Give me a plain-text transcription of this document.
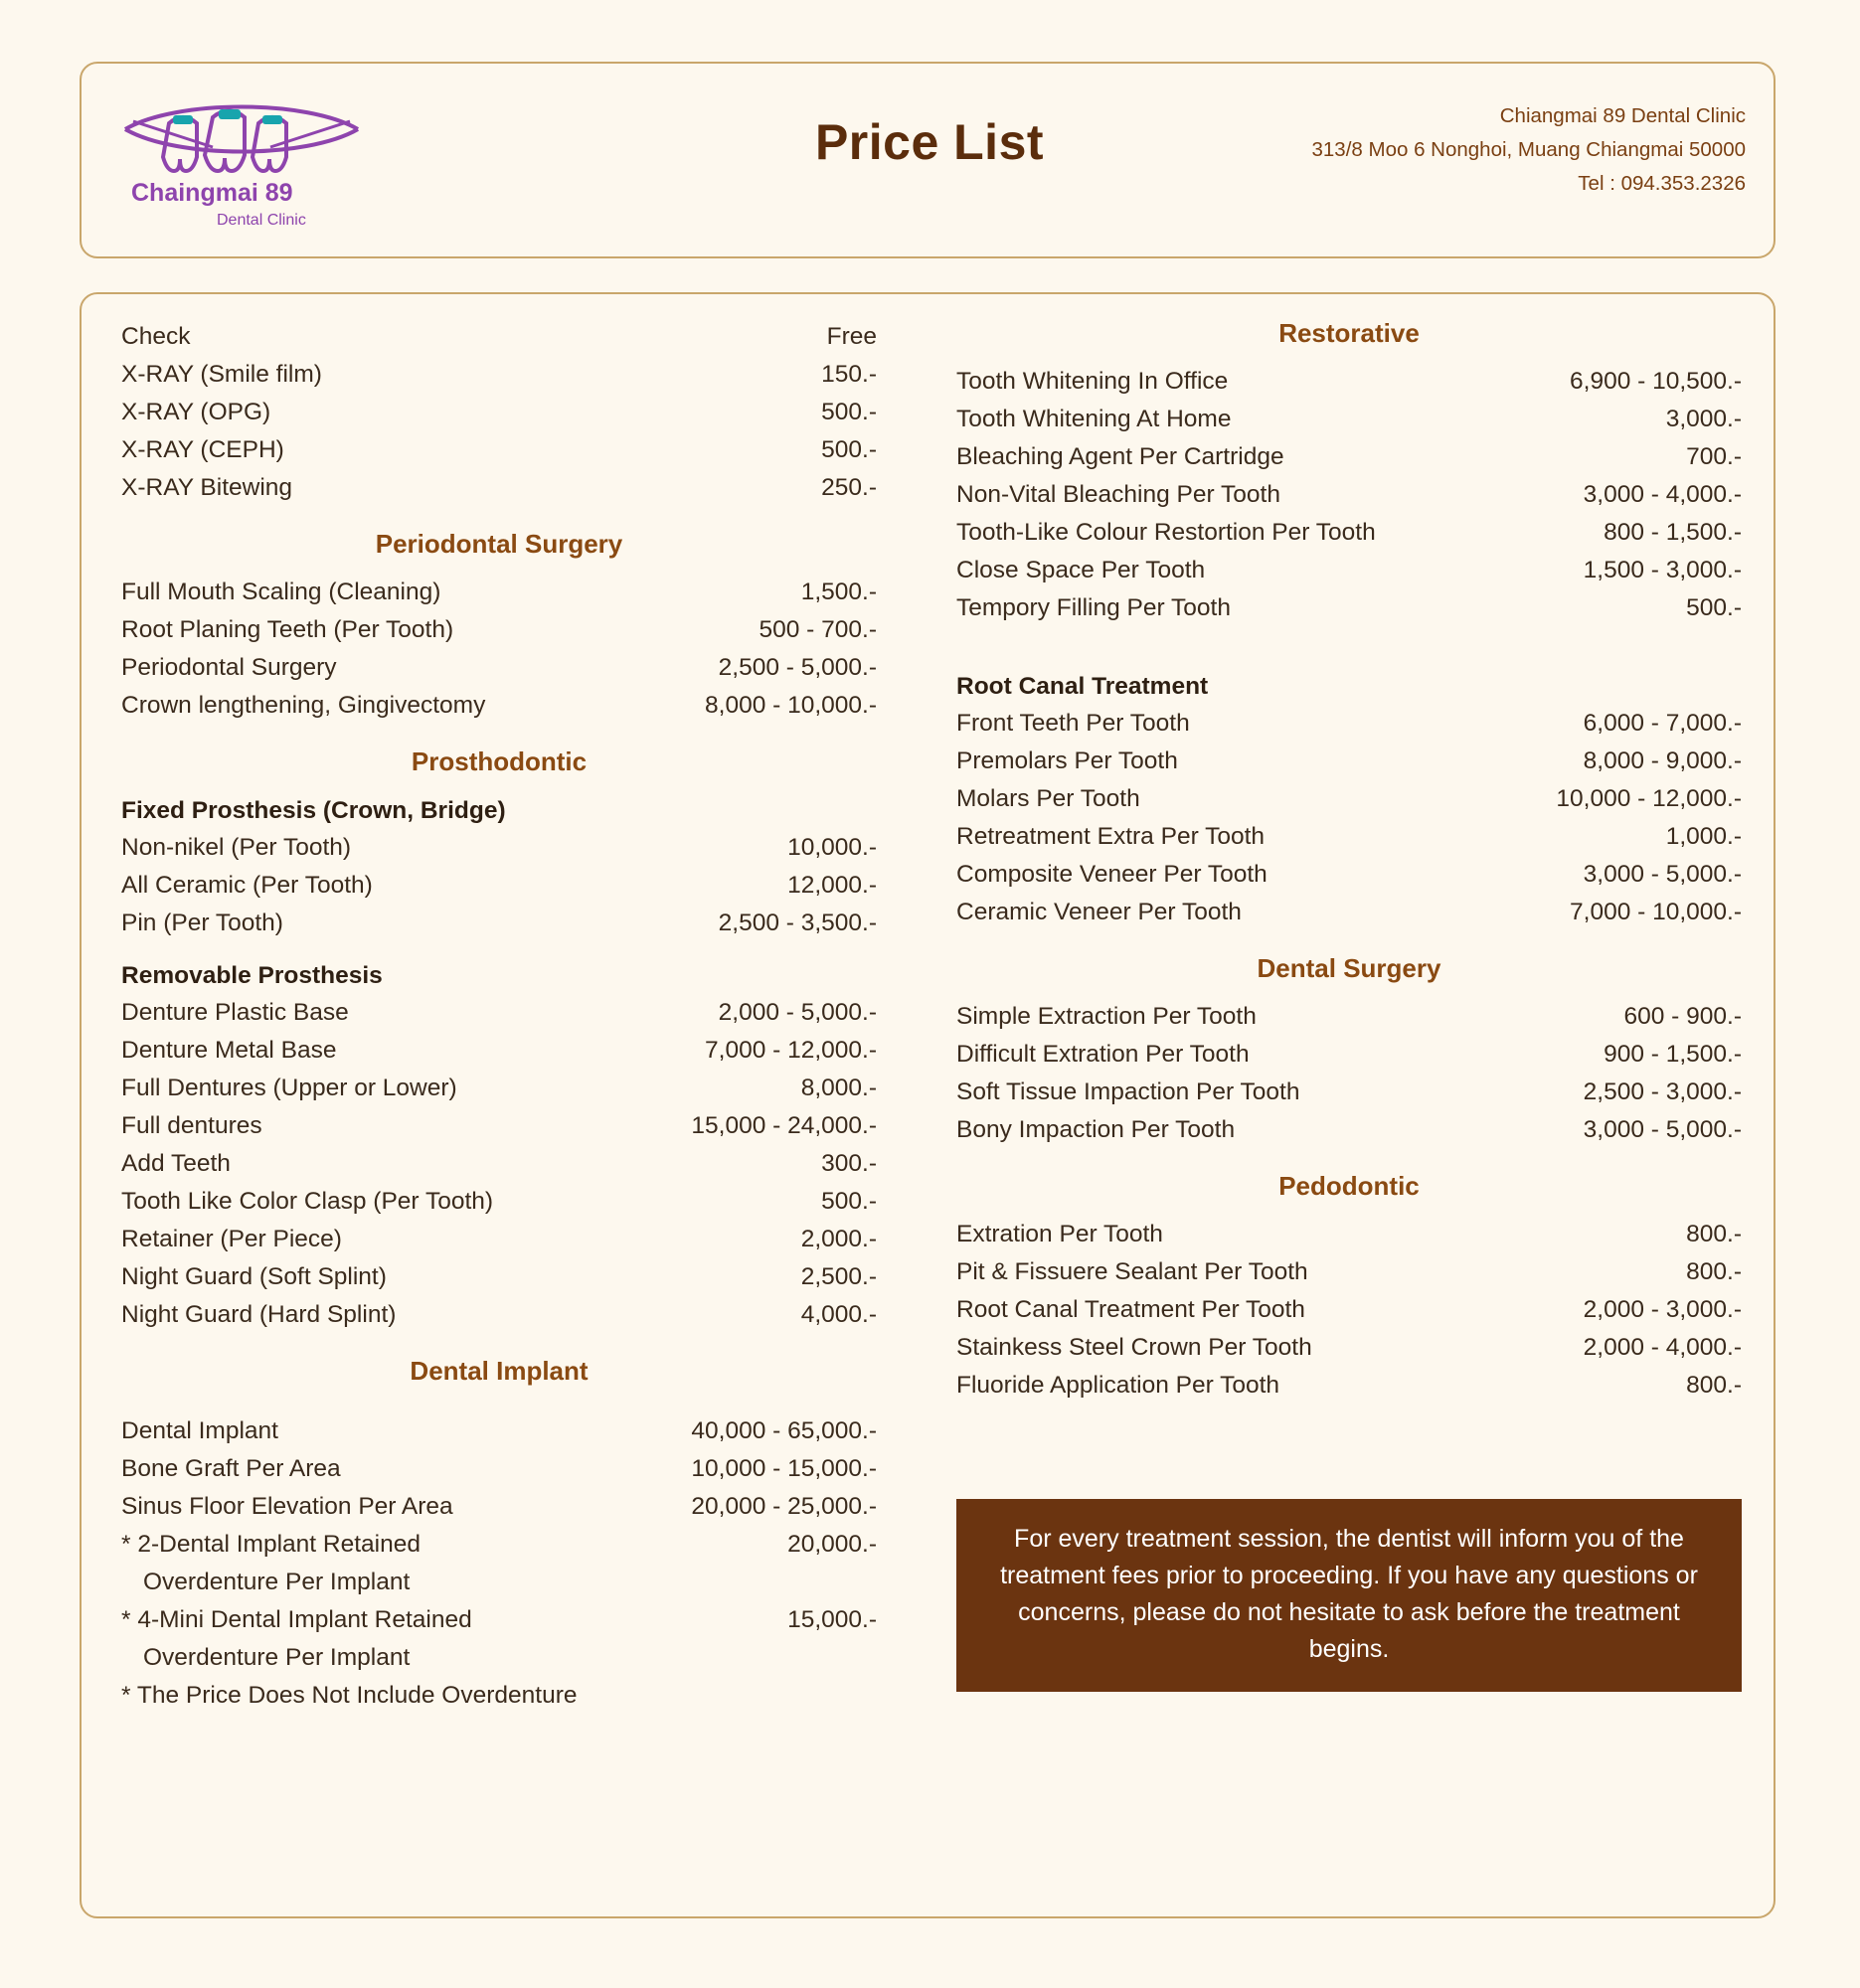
Chaingmai 89
Dental Clinic
Price List	Chiangmai 89 Dental Clinic
313/8 Moo 6 Nonghoi, Muang Chiangmai 50000
Tel : 094.353.2326
Check	Free
X-RAY (Smile film)	150.-
X-RAY (OPG)	500.-
X-RAY (CEPH)	500.-
X-RAY Bitewing	250.-
Periodontal Surgery
Full Mouth Scaling (Cleaning)	1,500.-
Root Planing Teeth (Per Tooth)	500 - 700.-
Periodontal Surgery	2,500 - 5,000.-
Crown lengthening, Gingivectomy	8,000 - 10,000.-
Prosthodontic
Fixed Prosthesis (Crown, Bridge)
Non-nikel (Per Tooth)	10,000.-
All Ceramic (Per Tooth)	12,000.-
Pin (Per Tooth)	2,500 - 3,500.-
Removable Prosthesis
Denture Plastic Base	2,000 - 5,000.-
Denture Metal Base	7,000 - 12,000.-
Full Dentures (Upper or Lower)	8,000.-
Full dentures	15,000 - 24,000.-
Add Teeth	300.-
Tooth Like Color Clasp (Per Tooth)	500.-
Retainer (Per Piece)	2,000.-
Night Guard (Soft Splint)	2,500.-
Night Guard (Hard Splint)	4,000.-
Dental Implant
Dental Implant	40,000 - 65,000.-
Bone Graft Per Area	10,000 - 15,000.-
Sinus Floor Elevation Per Area	20,000 - 25,000.-
* 2-Dental Implant Retained	20,000.-
Overdenture Per Implant
* 4-Mini Dental Implant Retained	15,000.-
Overdenture Per Implant
* The Price Does Not Include Overdenture
Restorative
Tooth Whitening In Office	6,900 - 10,500.-
Tooth Whitening At Home	3,000.-
Bleaching Agent Per Cartridge	700.-
Non-Vital Bleaching Per Tooth	3,000 - 4,000.-
Tooth-Like Colour Restortion Per Tooth	800 - 1,500.-
Close Space Per Tooth	1,500 - 3,000.-
Tempory Filling Per Tooth	500.-
Root Canal Treatment
Front Teeth Per Tooth	6,000 - 7,000.-
Premolars Per Tooth	8,000 - 9,000.-
Molars Per Tooth	10,000 - 12,000.-
Retreatment Extra Per Tooth	1,000.-
Composite Veneer Per Tooth	3,000 - 5,000.-
Ceramic Veneer Per Tooth	7,000 - 10,000.-
Dental Surgery
Simple Extraction Per Tooth	600 - 900.-
Difficult Extration Per Tooth	900 - 1,500.-
Soft Tissue Impaction Per Tooth	2,500 - 3,000.-
Bony Impaction Per Tooth	3,000 - 5,000.-
Pedodontic
Extration Per Tooth	800.-
Pit & Fissuere Sealant Per Tooth	800.-
Root Canal Treatment Per Tooth	2,000 - 3,000.-
Stainkess Steel Crown Per Tooth	2,000 - 4,000.-
Fluoride Application Per Tooth	800.-
For every treatment session, the dentist will inform you of the treatment fees prior to proceeding. If you have any questions or concerns, please do not hesitate to ask before the treatment begins.
